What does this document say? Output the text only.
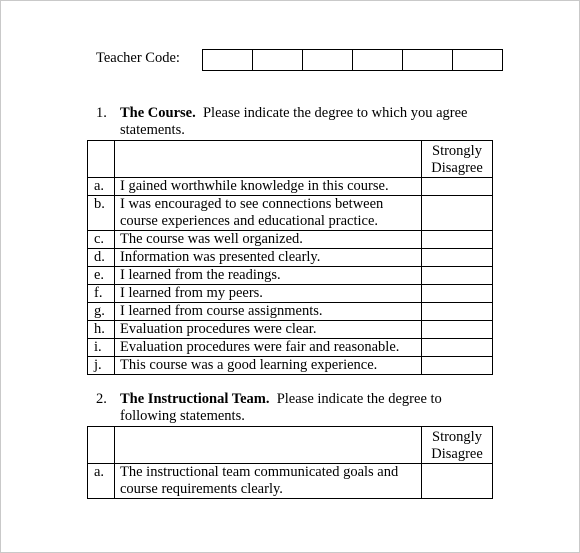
Teacher Code:
1. The Course. Please indicate the degree to which you agree
statements.
		Strongly
Disagree
a.	I gained worthwhile knowledge in this course.	
b.	I was encouraged to see connections between course experiences and educational practice.	
c.	The course was well organized.	
d.	Information was presented clearly.	
e.	I learned from the readings.	
f.	I learned from my peers.	
g.	I learned from course assignments.	
h.	Evaluation procedures were clear.	
i.	Evaluation procedures were fair and reasonable.	
j.	This course was a good learning experience.	
2. The Instructional Team. Please indicate the degree to
following statements.
		Strongly
Disagree
a.	The instructional team communicated goals and course requirements clearly.	
